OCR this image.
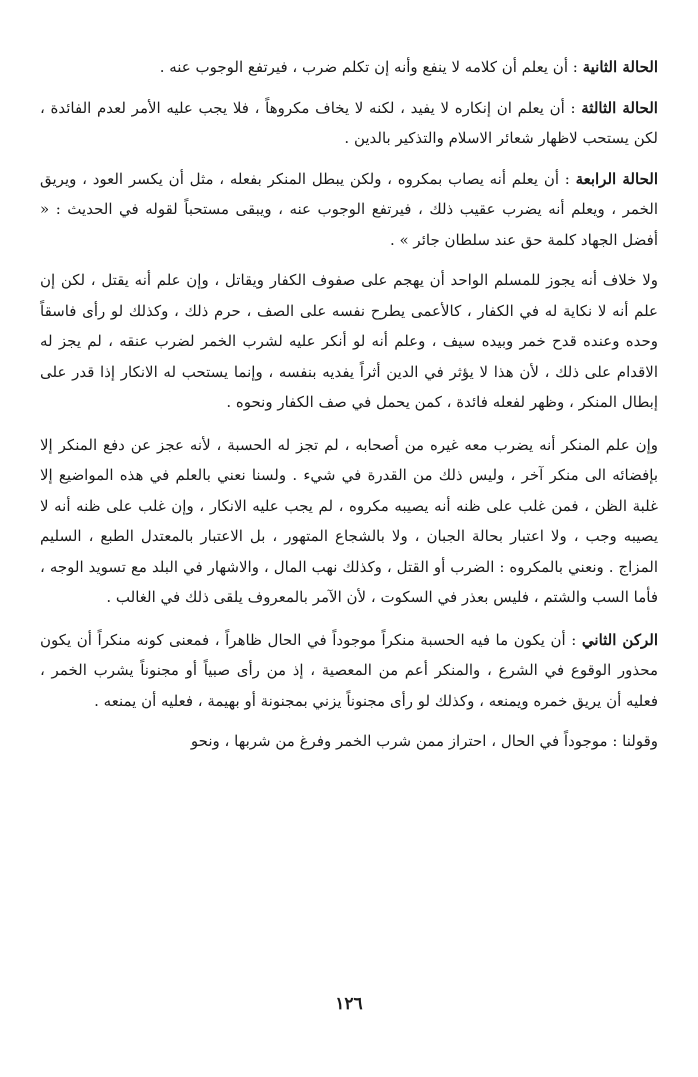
الحالة الثانية : أن يعلم أن كلامه لا ينفع وأنه إن تكلم ضرب ، فيرتفع الوجوب عنه .

الحالة الثالثة : أن يعلم ان إنكاره لا يفيد ، لكنه لا يخاف مكروهاً ، فلا يجب عليه الأمر لعدم الفائدة ، لكن يستحب لاظهار شعائر الاسلام والتذكير بالدين .

الحالة الرابعة : أن يعلم أنه يصاب بمكروه ، ولكن يبطل المنكر بفعله ، مثل أن يكسر العود ، ويريق الخمر ، ويعلم أنه يضرب عقيب ذلك ، فيرتفع الوجوب عنه ، ويبقى مستحباً لقوله في الحديث : « أفضل الجهاد كلمة حق عند سلطان جائر » .

ولا خلاف أنه يجوز للمسلم الواحد أن يهجم على صفوف الكفار ويقاتل ، وإن علم أنه يقتل ، لكن إن علم أنه لا نكاية له في الكفار ، كالأعمى يطرح نفسه على الصف ، حرم ذلك ، وكذلك لو رأى فاسقاً وحده وعنده قدح خمر وبيده سيف ، وعلم أنه لو أنكر عليه لشرب الخمر لضرب عنقه ، لم يجز له الاقدام على ذلك ، لأن هذا لا يؤثر في الدين أثراً يفديه بنفسه ، وإنما يستحب له الانكار إذا قدر على إبطال المنكر ، وظهر لفعله فائدة ، كمن يحمل في صف الكفار ونحوه .

وإن علم المنكر أنه يضرب معه غيره من أصحابه ، لم تجز له الحسبة ، لأنه عجز عن دفع المنكر إلا بإفضائه الى منكر آخر ، وليس ذلك من القدرة في شيء . ولسنا نعني بالعلم في هذه المواضيع إلا غلبة الظن ، فمن غلب على ظنه أنه يصيبه مكروه ، لم يجب عليه الانكار ، وإن غلب على ظنه أنه لا يصيبه وجب ، ولا اعتبار بحالة الجبان ، ولا بالشجاع المتهور ، بل الاعتبار بالمعتدل الطبع ، السليم المزاج . ونعني بالمكروه : الضرب أو القتل ، وكذلك نهب المال ، والاشهار في البلد مع تسويد الوجه ، فأما السب والشتم ، فليس بعذر في السكوت ، لأن الآمر بالمعروف يلقى ذلك في الغالب .

الركن الثاني : أن يكون ما فيه الحسبة منكراً موجوداً في الحال ظاهراً ، فمعنى كونه منكراً أن يكون محذور الوقوع في الشرع ، والمنكر أعم من المعصية ، إذ من رأى صبياً أو مجنوناً يشرب الخمر ، فعليه أن يريق خمره ويمنعه ، وكذلك لو رأى مجنوناً يزني بمجنونة أو بهيمة ، فعليه أن يمنعه .

وقولنا : موجوداً في الحال ، احتراز ممن شرب الخمر وفرغ من شربها ، ونحو

١٢٦
